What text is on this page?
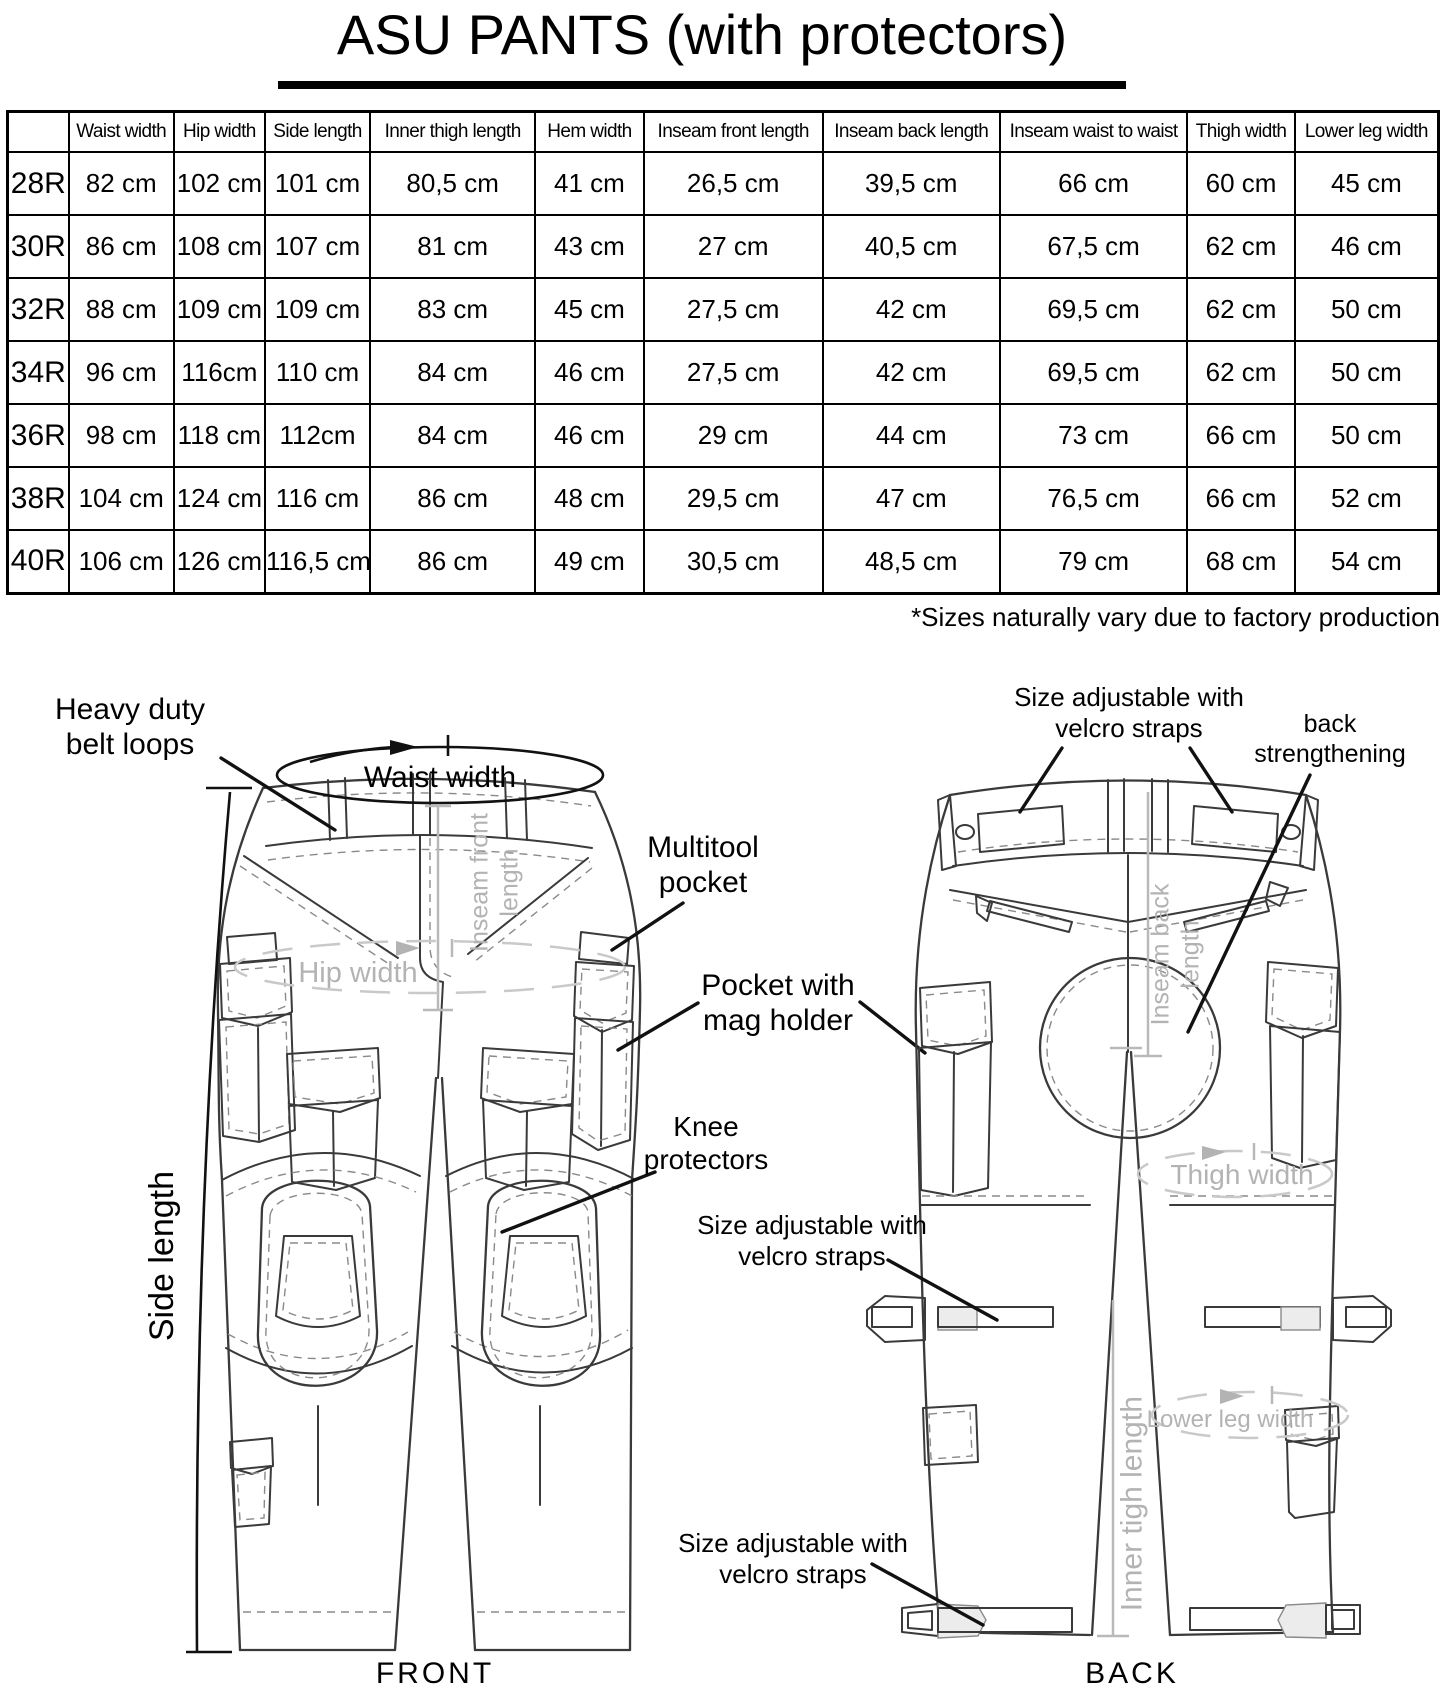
ASU PANTS (with protectors)
	Waist width	Hip width	Side length	Inner thigh length	Hem width	Inseam front length	Inseam back length	Inseam waist to waist	Thigh width	Lower leg width
28R	82 cm	102 cm	101 cm	80,5 cm	41 cm	26,5 cm	39,5 cm	66 cm	60 cm	45 cm
30R	86 cm	108 cm	107 cm	81 cm	43 cm	27 cm	40,5 cm	67,5 cm	62 cm	46 cm
32R	88 cm	109 cm	109 cm	83 cm	45 cm	27,5 cm	42 cm	69,5 cm	62 cm	50 cm
34R	96 cm	116cm	110 cm	84 cm	46 cm	27,5 cm	42 cm	69,5 cm	62 cm	50 cm
36R	98 cm	118 cm	112cm	84 cm	46 cm	29 cm	44 cm	73 cm	66 cm	50 cm
38R	104 cm	124 cm	116 cm	86 cm	48 cm	29,5 cm	47 cm	76,5 cm	66 cm	52 cm
40R	106 cm	126 cm	116,5 cm	86 cm	49 cm	30,5 cm	48,5 cm	79 cm	68 cm	54 cm
*Sizes naturally vary due to factory production
Heavy duty belt loops
Waist width
Inseam front length
Hip width
Multitool pocket
Pocket with mag holder
Knee protectors
Side length
FRONT
Size adjustable with velcro straps	back strengthening
Inseam back length
Thigh width
Size adjustable with velcro straps
Lower leg width
Inner tigh length
Size adjustable with velcro straps
BACK
